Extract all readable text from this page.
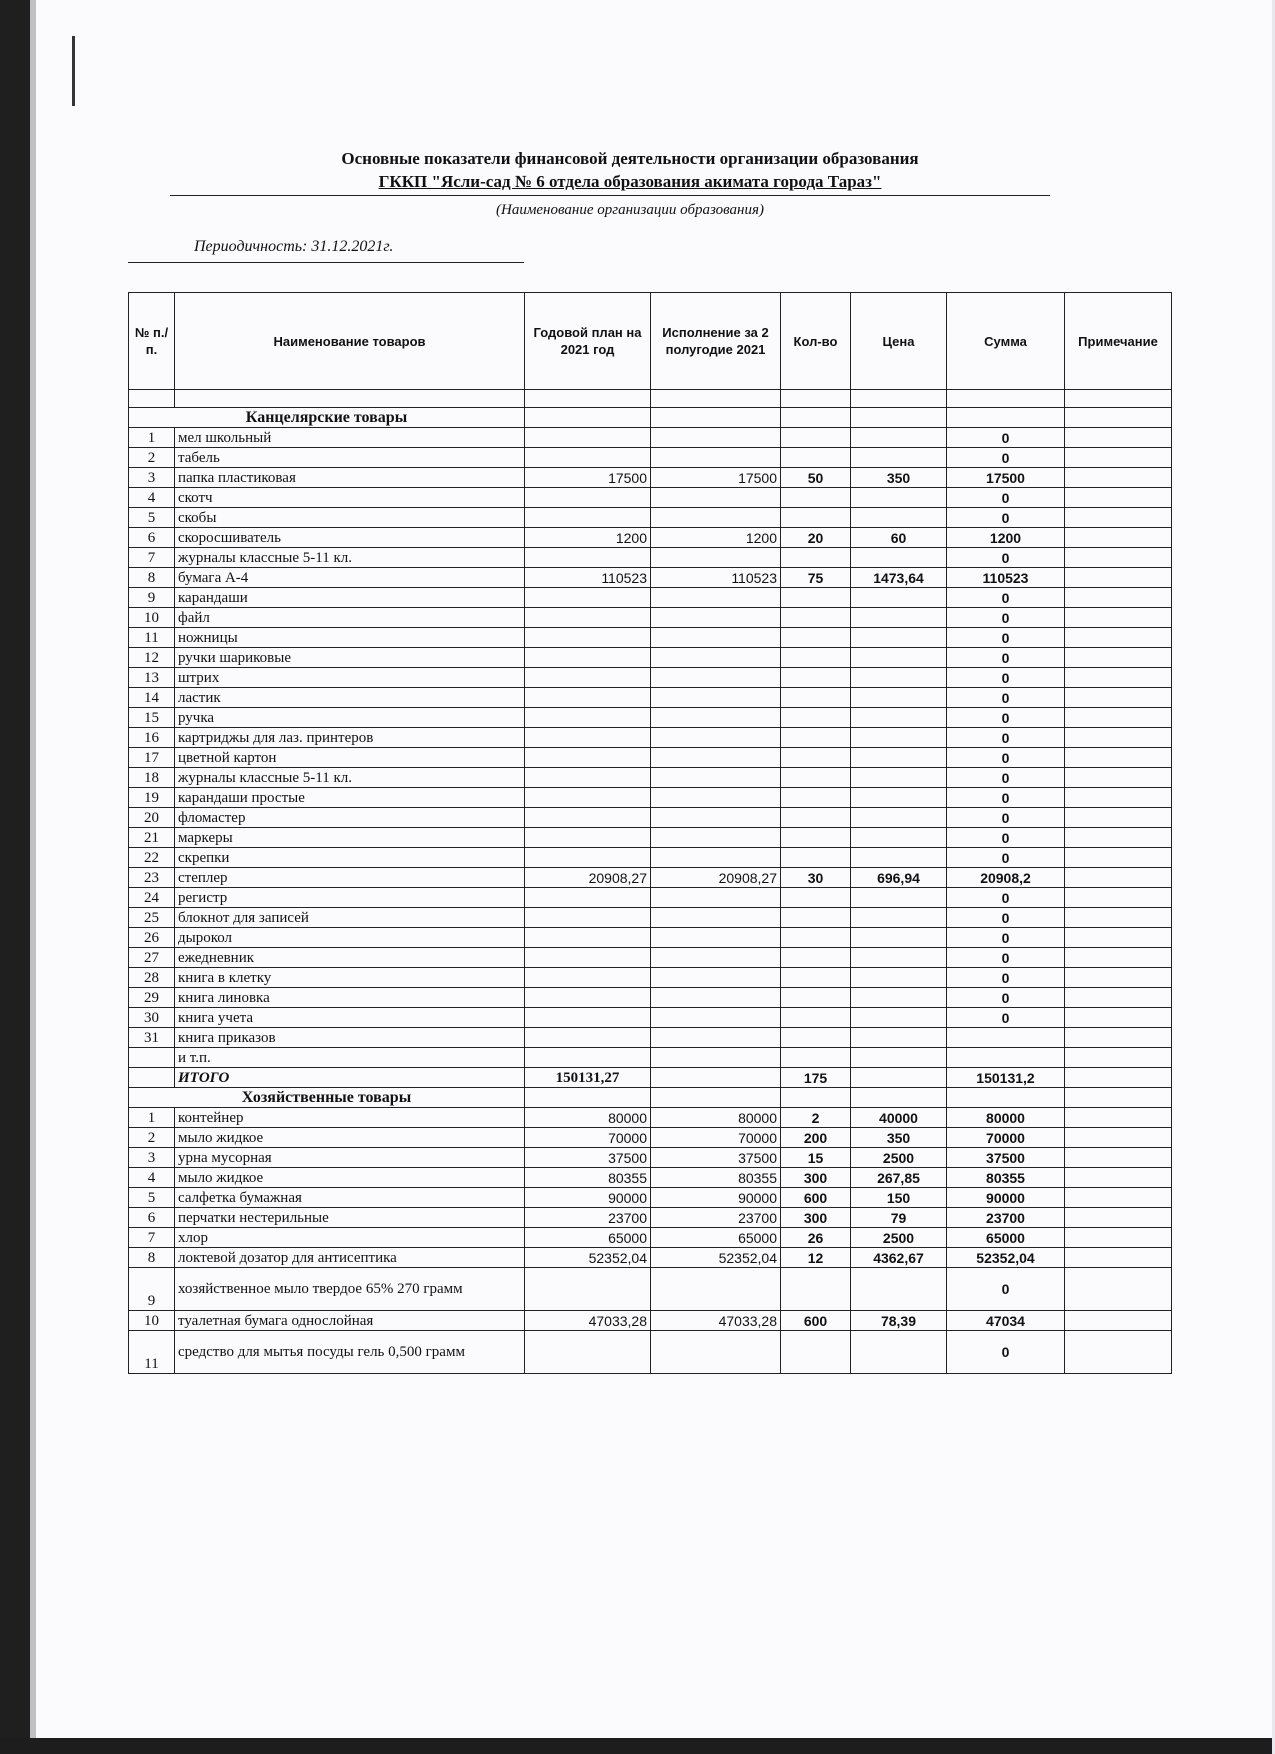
Основные показатели финансовой деятельности организации образования
ГККП "Ясли-сад № 6 отдела образования акимата города Тараз"
(Наименование организации образования)
Периодичность: 31.12.2021г.
№ п./п.	Наименование товаров	Годовой план на 2021 год	Исполнение за 2 полугодие 2021	Кол-во	Цена	Сумма	Примечание

Канцелярские товары							
1	мел школьный					0	
2	табель					0	
3	папка пластиковая	17500	17500	50	350	17500	
4	скотч					0	
5	скобы					0	
6	скоросшиватель	1200	1200	20	60	1200	
7	журналы классные 5-11 кл.					0	
8	бумага А-4	110523	110523	75	1473,64	110523	
9	карандаши					0	
10	файл					0	
11	ножницы					0	
12	ручки шариковые					0	
13	штрих					0	
14	ластик					0	
15	ручка					0	
16	картриджы для лаз. принтеров					0	
17	цветной картон					0	
18	журналы классные 5-11 кл.					0	
19	карандаши простые					0	
20	фломастер					0	
21	маркеры					0	
22	скрепки					0	
23	степлер	20908,27	20908,27	30	696,94	20908,2	
24	регистр					0	
25	блокнот для записей					0	
26	дырокол					0	
27	ежедневник					0	
28	книга в клетку					0	
29	книга линовка					0	
30	книга учета					0	
31	книга приказов						
	и т.п.						
	ИТОГО	150131,27		175		150131,2	
Хозяйственные товары							
1	контейнер	80000	80000	2	40000	80000	
2	мыло жидкое	70000	70000	200	350	70000	
3	урна мусорная	37500	37500	15	2500	37500	
4	мыло жидкое	80355	80355	300	267,85	80355	
5	салфетка бумажная	90000	90000	600	150	90000	
6	перчатки нестерильные	23700	23700	300	79	23700	
7	хлор	65000	65000	26	2500	65000	
8	локтевой дозатор для антисептика	52352,04	52352,04	12	4362,67	52352,04	
9	хозяйственное мыло твердое 65% 270 грамм					0	
10	туалетная бумага однослойная	47033,28	47033,28	600	78,39	47034	
11	средство для мытья посуды гель 0,500 грамм					0	
